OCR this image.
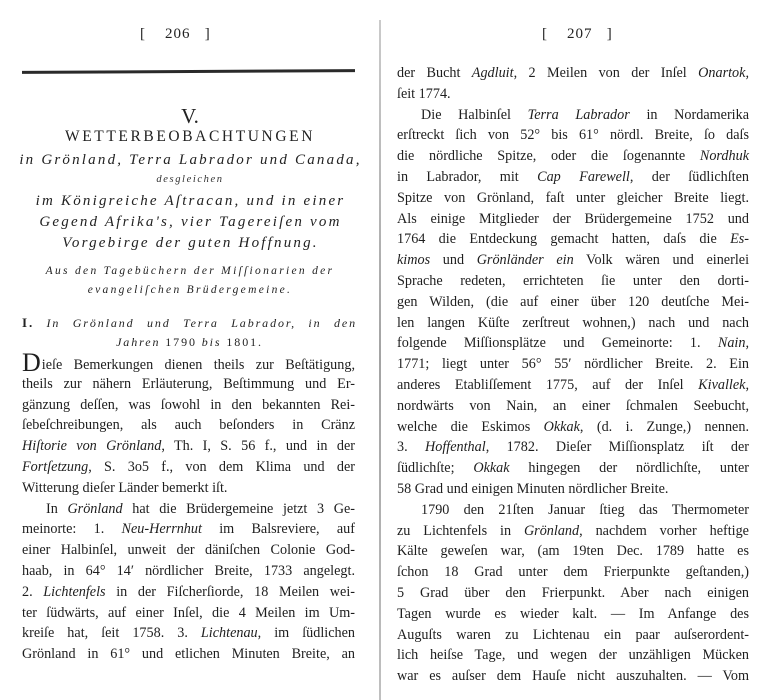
[    206   ]
V.
WETTERBEOBACHTUNGEN
in Grönland, Terra Labrador und Canada,
desgleichen
im Königreiche Aſtracan, und in einer
Gegend Afrika's, vier Tagereiſen vom
Vorgebirge der guten Hoffnung.
Aus den Tagebüchern der Miſſionarien der
evangeliſchen Brüdergemeine.
I. In Grönland und Terra Labrador, in den
Jahren 1790 bis 1801.
Dieſe Bemerkungen dienen theils zur Beſtätigung,
theils zur nähern Erläuterung, Beſtimmung und Er-
gänzung deſſen, was ſowohl in den bekannten Rei-
ſebeſchreibungen, als auch beſonders in Cränz
Hiſtorie von Grönland, Th. I, S. 56 f., und in der
Fortſetzung, S. 3o5 f., von dem Klima und der
Witterung dieſer Länder bemerkt iſt.
In Grönland hat die Brüdergemeine jetzt 3 Ge-
meinorte: 1. Neu-Herrnhut im Balsreviere, auf
einer Halbinſel, unweit der däniſchen Colonie God-
haab, in 64° 14′ nördlicher Breite, 1733 angelegt.
2. Lichtenfels in der Fiſcherſiorde, 18 Meilen wei-
ter ſüdwärts, auf einer Inſel, die 4 Meilen im Um-
kreiſe hat, ſeit 1758. 3. Lichtenau, im ſüdlichen
Grönland in 61° und etlichen Minuten Breite, an
[    207   ]
der Bucht Agdluit, 2 Meilen von der Inſel Onartok,
ſeit 1774.
Die Halbinſel Terra Labrador in Nordamerika
erſtreckt ſich von 52° bis 61° nördl. Breite, ſo daſs
die nördliche Spitze, oder die ſogenannte Nordhuk
in Labrador, mit Cap Farewell, der ſüdlichſten
Spitze von Grönland, faſt unter gleicher Breite liegt.
Als einige Mitglieder der Brüdergemeine 1752 und
1764 die Entdeckung gemacht hatten, daſs die Es-
kimos und Grönländer ein Volk wären und einerlei
Sprache redeten, errichteten ſie unter den dorti-
gen Wilden, (die auf einer über 120 deutſche Mei-
len langen Küſte zerſtreut wohnen,) nach und nach
folgende Miſſionsplätze und Gemeinorte: 1. Nain,
1771; liegt unter 56° 55′ nördlicher Breite. 2. Ein
anderes Etabliſſement 1775, auf der Inſel Kivallek,
nordwärts von Nain, an einer ſchmalen Seebucht,
welche die Eskimos Okkak, (d. i. Zunge,) nennen.
3. Hoffenthal, 1782. Dieſer Miſſionsplatz iſt der
ſüdlichſte; Okkak hingegen der nördlichſte, unter
58 Grad und einigen Minuten nördlicher Breite.
1790 den 21ſten Januar ſtieg das Thermometer
zu Lichtenfels in Grönland, nachdem vorher heftige
Kälte geweſen war, (am 19ten Dec. 1789 hatte es
ſchon 18 Grad unter dem Frierpunkte geſtanden,)
5 Grad über den Frierpunkt. Aber nach einigen
Tagen wurde es wieder kalt. — Im Anfange des
Auguſts waren zu Lichtenau ein paar auſserordent-
lich heiſse Tage, und wegen der unzähligen Mücken
war es auſser dem Hauſe nicht auszuhalten. — Vom
